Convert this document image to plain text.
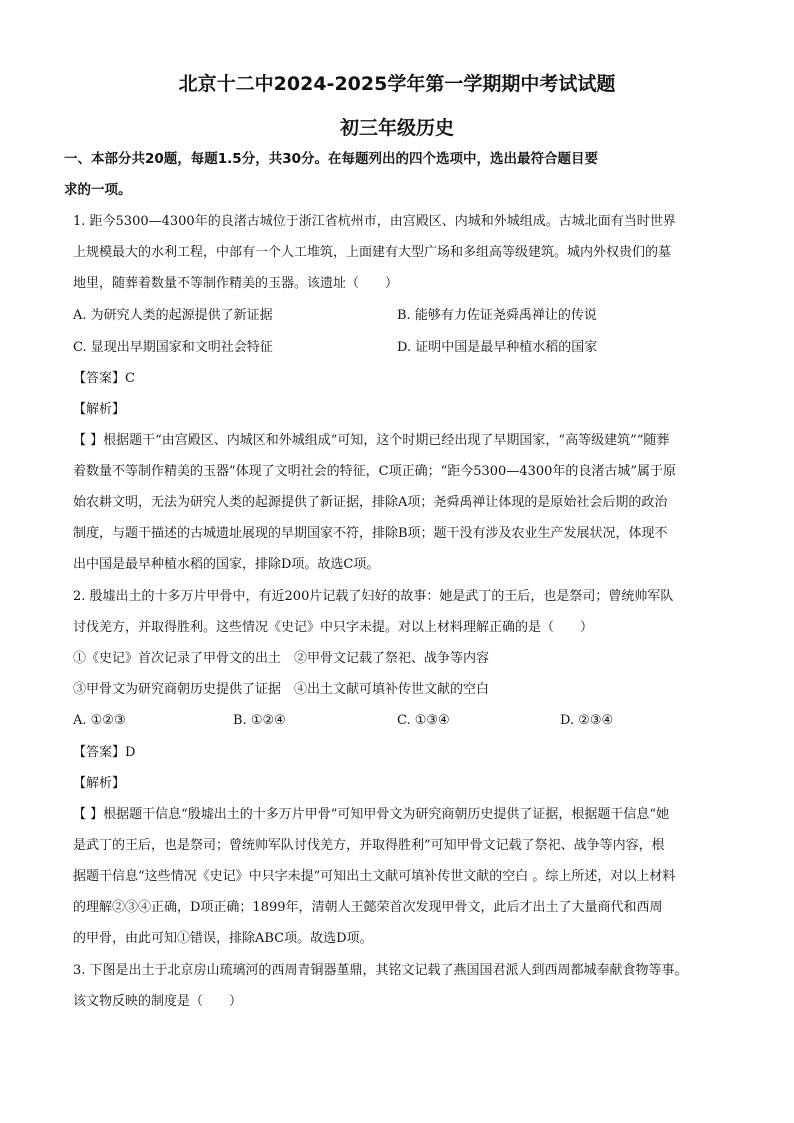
北京十二中2024-2025学年第一学期期中考试试题
初三年级历史
一、本部分共20题，每题1.5分，共30分。在每题列出的四个选项中，选出最符合题目要
求的一项。
1. 距今5300—4300年的良渚古城位于浙江省杭州市，由宫殿区、内城和外城组成。古城北面有当时世界
上规模最大的水利工程，中部有一个人工堆筑，上面建有大型广场和多组高等级建筑。城内外权贵们的墓
地里，随葬着数量不等制作精美的玉器。该遗址（　　）
A. 为研究人类的起源提供了新证据	B. 能够有力佐证尧舜禹禅让的传说
C. 显现出早期国家和文明社会特征	D. 证明中国是最早种植水稻的国家
【答案】C
【解析】
【 】根据题干“由宫殿区、内城区和外城组成”可知，这个时期已经出现了早期国家，“高等级建筑”“随葬
着数量不等制作精美的玉器”体现了文明社会的特征，C项正确；“距今5300—4300年的良渚古城”属于原
始农耕文明，无法为研究人类的起源提供了新证据，排除A项；尧舜禹禅让体现的是原始社会后期的政治
制度，与题干描述的古城遗址展现的早期国家不符，排除B项；题干没有涉及农业生产发展状况，体现不
出中国是最早种植水稻的国家，排除D项。故选C项。
2. 殷墟出土的十多万片甲骨中，有近200片记载了妇好的故事：她是武丁的王后，也是祭司；曾统帅军队
讨伐羌方，并取得胜利。这些情况《史记》中只字未提。对以上材料理解正确的是（　　）
①《史记》首次记录了甲骨文的出土　②甲骨文记载了祭祀、战争等内容
③甲骨文为研究商朝历史提供了证据　④出土文献可填补传世文献的空白
A. ①②③	B. ①②④	C. ①③④	D. ②③④
【答案】D
【解析】
【 】根据题干信息“殷墟出土的十多万片甲骨”可知甲骨文为研究商朝历史提供了证据，根据题干信息“她
是武丁的王后，也是祭司；曾统帅军队讨伐羌方，并取得胜利”可知甲骨文记载了祭祀、战争等内容，根
据题干信息“这些情况《史记》中只字未提”可知出土文献可填补传世文献的空白 。综上所述，对以上材料
的理解②③④正确，D项正确；1899年，清朝人王懿荣首次发现甲骨文，此后才出土了大量商代和西周
的甲骨，由此可知①错误，排除ABC项。故选D项。
3. 下图是出土于北京房山琉璃河的西周青铜器堇鼎，其铭文记载了燕国国君派人到西周都城奉献食物等事。
该文物反映的制度是（　　）
